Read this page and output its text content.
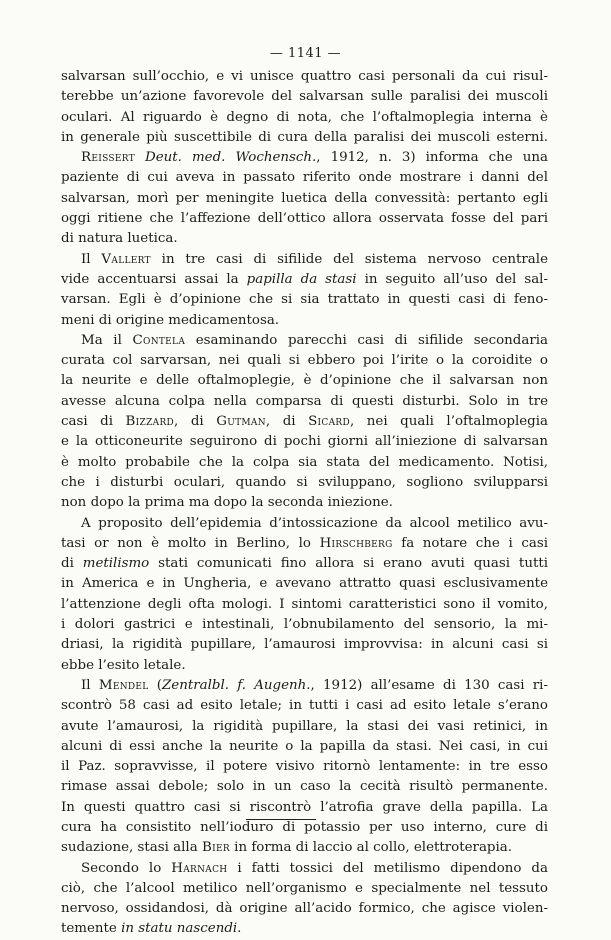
— 1141 —
salvarsan sull’occhio, e vi unisce quattro casi personali da cui risul-
terebbe un’azione favorevole del salvarsan sulle paralisi dei muscoli
oculari. Al riguardo è degno di nota, che l’oftalmoplegia interna è
in generale più suscettibile di cura della paralisi dei muscoli esterni.
Reissert Deut. med. Wochensch., 1912, n. 3) informa che una
paziente di cui aveva in passato riferito onde mostrare i danni del
salvarsan, morì per meningite luetica della convessità: pertanto egli
oggi ritiene che l’affezione dell’ottico allora osservata fosse del pari
di natura luetica.
Il Vallert in tre casi di sifilide del sistema nervoso centrale
vide accentuarsi assai la papilla da stasi in seguito all’uso del sal-
varsan. Egli è d’opinione che si sia trattato in questi casi di feno-
meni di origine medicamentosa.
Ma il Contela esaminando parecchi casi di sifilide secondaria
curata col sarvarsan, nei quali si ebbero poi l’irite o la coroidite o
la neurite e delle oftalmoplegie, è d’opinione che il salvarsan non
avesse alcuna colpa nella comparsa di questi disturbi. Solo in tre
casi di Bizzard, di Gutman, di Sicard, nei quali l’oftalmoplegia
e la otticoneurite seguirono di pochi giorni all’iniezione di salvarsan
è molto probabile che la colpa sia stata del medicamento. Notisi,
che i disturbi oculari, quando si sviluppano, sogliono svilupparsi
non dopo la prima ma dopo la seconda iniezione.
A proposito dell’epidemia d’intossicazione da alcool metilico avu-
tasi or non è molto in Berlino, lo Hirschberg fa notare che i casi
di metilismo stati comunicati fino allora si erano avuti quasi tutti
in America e in Ungheria, e avevano attratto quasi esclusivamente
l’attenzione degli ofta mologi. I sintomi caratteristici sono il vomito,
i dolori gastrici e intestinali, l’obnubilamento del sensorio, la mi-
driasi, la rigidità pupillare, l’amaurosi improvvisa: in alcuni casi si
ebbe l’esito letale.
Il Mendel (Zentralbl. f. Augenh., 1912) all’esame di 130 casi ri-
scontrò 58 casi ad esito letale; in tutti i casi ad esito letale s’erano
avute l’amaurosi, la rigidità pupillare, la stasi dei vasi retinici, in
alcuni di essi anche la neurite o la papilla da stasi. Nei casi, in cui
il Paz. sopravvisse, il potere visivo ritornò lentamente: in tre esso
rimase assai debole; solo in un caso la cecità risultò permanente.
In questi quattro casi si riscontrò l’atrofia grave della papilla. La
cura ha consistito nell’ioduro di potassio per uso interno, cure di
sudazione, stasi alla Bier in forma di laccio al collo, elettroterapia.
Secondo lo Harnach i fatti tossici del metilismo dipendono da
ciò, che l’alcool metilico nell’organismo e specialmente nel tessuto
nervoso, ossidandosi, dà origine all’acido formico, che agisce violen-
temente in statu nascendi.
